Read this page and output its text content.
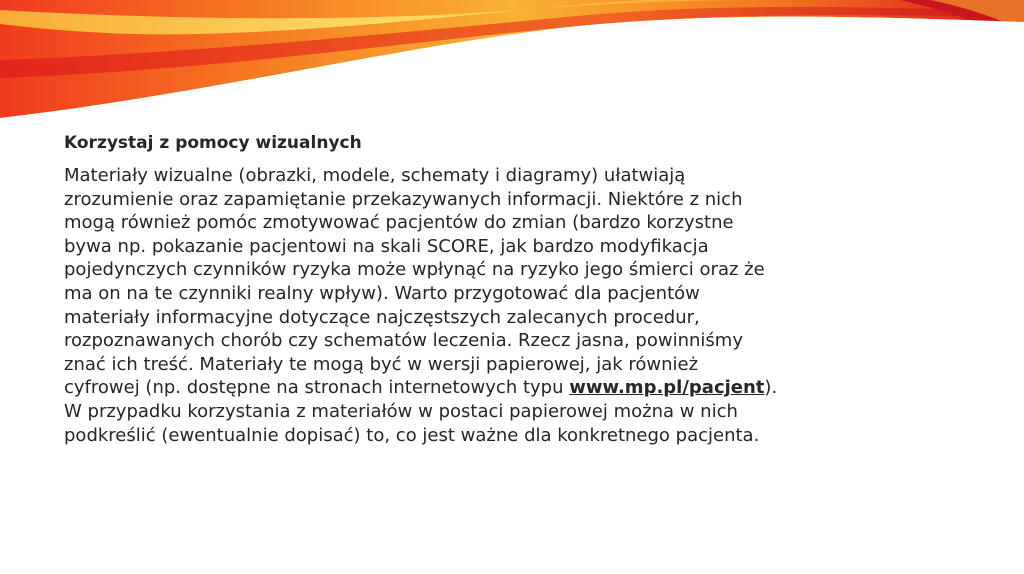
Korzystaj z pomocy wizualnych

Materiały wizualne (obrazki, modele, schematy i diagramy) ułatwiają
zrozumienie oraz zapamiętanie przekazywanych informacji. Niektóre z nich
mogą również pomóc zmotywować pacjentów do zmian (bardzo korzystne
bywa np. pokazanie pacjentowi na skali SCORE, jak bardzo modyfikacja
pojedynczych czynników ryzyka może wpłynąć na ryzyko jego śmierci oraz że
ma on na te czynniki realny wpływ). Warto przygotować dla pacjentów
materiały informacyjne dotyczące najczęstszych zalecanych procedur,
rozpoznawanych chorób czy schematów leczenia. Rzecz jasna, powinniśmy
znać ich treść. Materiały te mogą być w wersji papierowej, jak również
cyfrowej (np. dostępne na stronach internetowych typu www.mp.pl/pacjent).
W przypadku korzystania z materiałów w postaci papierowej można w nich
podkreślić (ewentualnie dopisać) to, co jest ważne dla konkretnego pacjenta.
